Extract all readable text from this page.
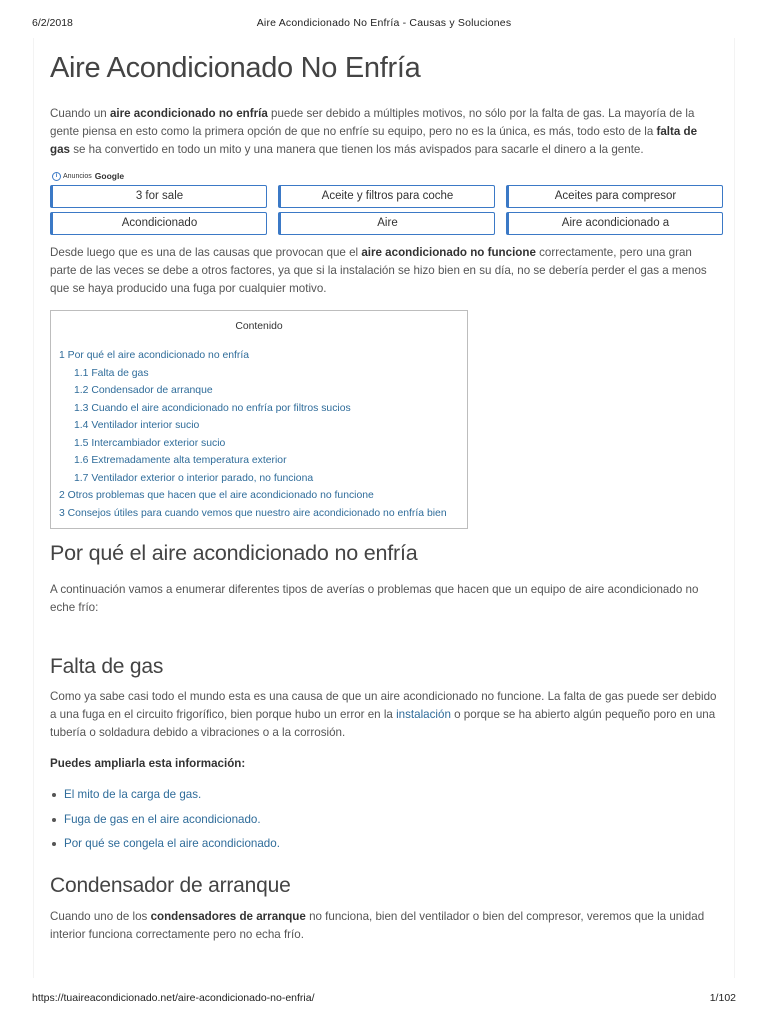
6/2/2018	Aire Acondicionado No Enfría - Causas y Soluciones
Aire Acondicionado No Enfría

Cuando un aire acondicionado no enfría puede ser debido a múltiples motivos, no sólo por la falta de gas. La mayoría de la gente piensa en esto como la primera opción de que no enfríe su equipo, pero no es la única, es más, todo esto de la falta de gas se ha convertido en todo un mito y una manera que tienen los más avispados para sacarle el dinero a la gente.

i Anuncios Google
3 for sale	Aceite y filtros para coche	Aceites para compresor
Acondicionado	Aire	Aire acondicionado a

Desde luego que es una de las causas que provocan que el aire acondicionado no funcione correctamente, pero una gran parte de las veces se debe a otros factores, ya que si la instalación se hizo bien en su día, no se debería perder el gas a menos que se haya producido una fuga por cualquier motivo.

Contenido
1 Por qué el aire acondicionado no enfría
1.1 Falta de gas
1.2 Condensador de arranque
1.3 Cuando el aire acondicionado no enfría por filtros sucios
1.4 Ventilador interior sucio
1.5 Intercambiador exterior sucio
1.6 Extremadamente alta temperatura exterior
1.7 Ventilador exterior o interior parado, no funciona
2 Otros problemas que hacen que el aire acondicionado no funcione
3 Consejos útiles para cuando vemos que nuestro aire acondicionado no enfría bien
Por qué el aire acondicionado no enfría

A continuación vamos a enumerar diferentes tipos de averías o problemas que hacen que un equipo de aire acondicionado no eche frío:

Falta de gas

Como ya sabe casi todo el mundo esta es una causa de que un aire acondicionado no funcione. La falta de gas puede ser debido a una fuga en el circuito frigorífico, bien porque hubo un error en la instalación o porque se ha abierto algún pequeño poro en una tubería o soldadura debido a vibraciones o a la corrosión.

Puedes ampliarla esta información:

El mito de la carga de gas.
Fuga de gas en el aire acondicionado.
Por qué se congela el aire acondicionado.
Condensador de arranque

Cuando uno de los condensadores de arranque no funciona, bien del ventilador o bien del compresor, veremos que la unidad interior funciona correctamente pero no echa frío.

https://tuaireacondicionado.net/aire-acondicionado-no-enfria/	1/102
